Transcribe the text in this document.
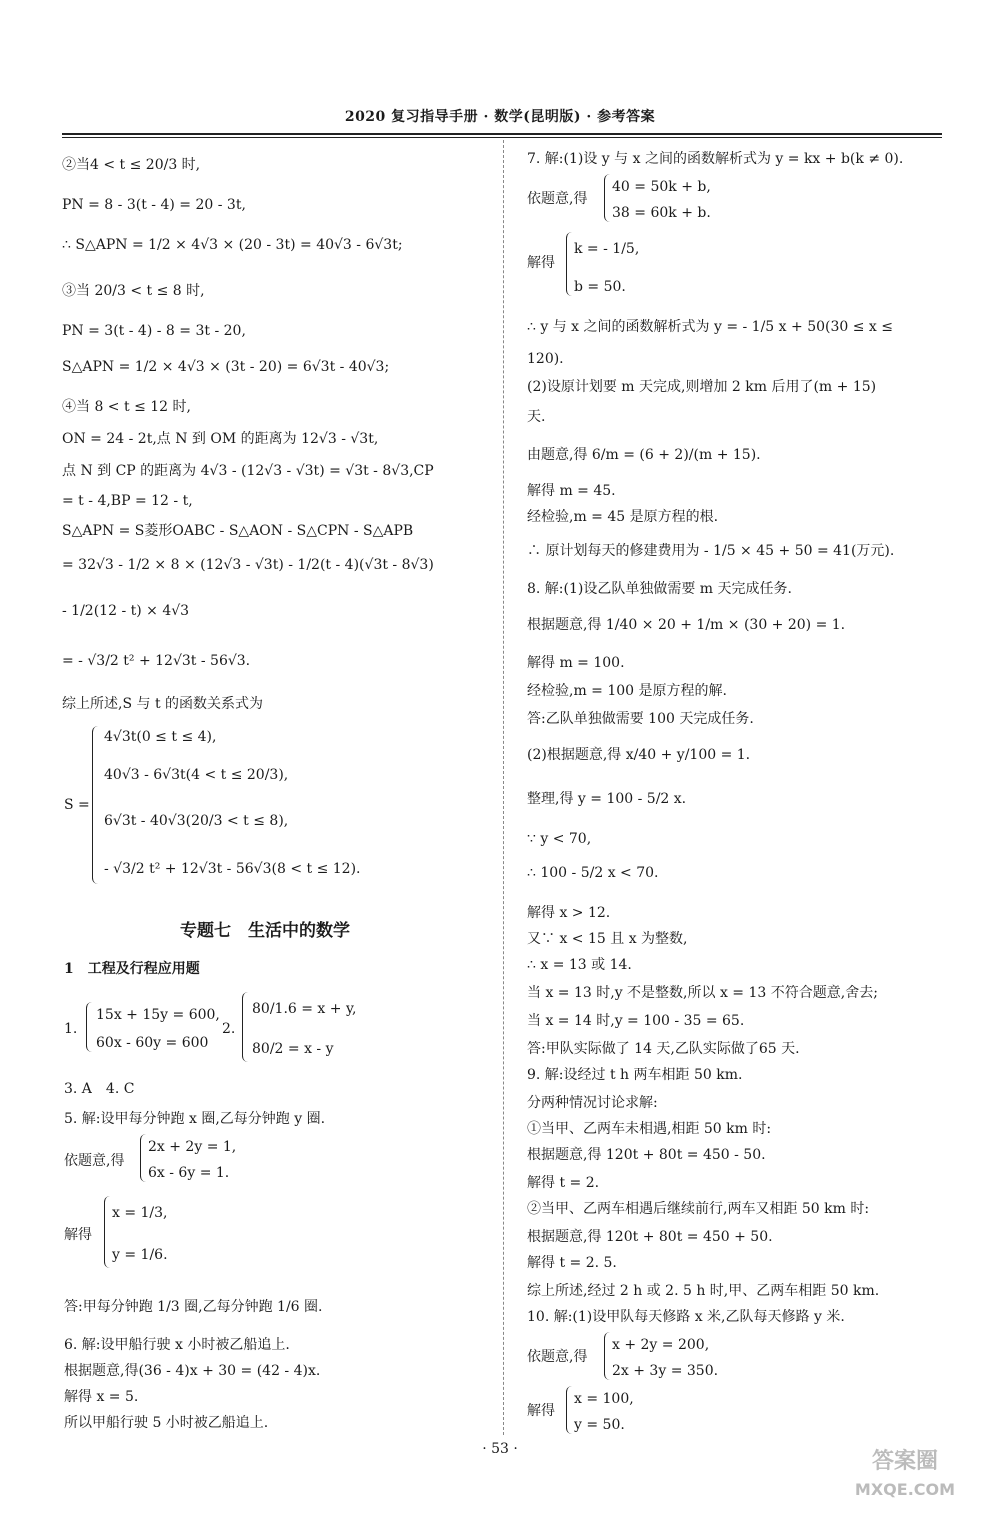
2020 复习指导手册 · 数学(昆明版) · 参考答案
②当4 < t ≤ 20/3 时,
PN = 8 - 3(t - 4) = 20 - 3t,
∴ S△APN = 1/2 × 4√3 × (20 - 3t) = 40√3 - 6√3t;
③当 20/3 < t ≤ 8 时,
PN = 3(t - 4) - 8 = 3t - 20,
S△APN = 1/2 × 4√3 × (3t - 20) = 6√3t - 40√3;
④当 8 < t ≤ 12 时,
ON = 24 - 2t,点 N 到 OM 的距离为 12√3 - √3t,
点 N 到 CP 的距离为 4√3 - (12√3 - √3t) = √3t - 8√3,CP
= t - 4,BP = 12 - t,
S△APN = S菱形OABC - S△AON - S△CPN - S△APB
= 32√3 - 1/2 × 8 × (12√3 - √3t) - 1/2(t - 4)(√3t - 8√3)
- 1/2(12 - t) × 4√3
= - √3/2 t² + 12√3t - 56√3.
综上所述,S 与 t 的函数关系式为
S =
4√3t(0 ≤ t ≤ 4),
40√3 - 6√3t(4 < t ≤ 20/3),
6√3t - 40√3(20/3 < t ≤ 8),
- √3/2 t² + 12√3t - 56√3(8 < t ≤ 12).
专题七　生活中的数学
1　工程及行程应用题
1.
15x + 15y = 600,
60x - 60y = 600
2.
80/1.6 = x + y,
80/2 = x - y
3. A　4. C
5. 解:设甲每分钟跑 x 圈,乙每分钟跑 y 圈.
依题意,得
2x + 2y = 1,
6x - 6y = 1.
解得
x = 1/3,
y = 1/6.
答:甲每分钟跑 1/3 圈,乙每分钟跑 1/6 圈.
6. 解:设甲船行驶 x 小时被乙船追上.
根据题意,得(36 - 4)x + 30 = (42 - 4)x.
解得 x = 5.
所以甲船行驶 5 小时被乙船追上.
7. 解:(1)设 y 与 x 之间的函数解析式为 y = kx + b(k ≠ 0).
依题意,得
40 = 50k + b,
38 = 60k + b.
解得
k = - 1/5,
b = 50.
∴ y 与 x 之间的函数解析式为 y = - 1/5 x + 50(30 ≤ x ≤
120).
(2)设原计划要 m 天完成,则增加 2 km 后用了(m + 15)
天.
由题意,得 6/m = (6 + 2)/(m + 15).
解得 m = 45.
经检验,m = 45 是原方程的根.
∴ 原计划每天的修建费用为 - 1/5 × 45 + 50 = 41(万元).
8. 解:(1)设乙队单独做需要 m 天完成任务.
根据题意,得 1/40 × 20 + 1/m × (30 + 20) = 1.
解得 m = 100.
经检验,m = 100 是原方程的解.
答:乙队单独做需要 100 天完成任务.
(2)根据题意,得 x/40 + y/100 = 1.
整理,得 y = 100 - 5/2 x.
∵ y < 70,
∴ 100 - 5/2 x < 70.
解得 x > 12.
又∵ x < 15 且 x 为整数,
∴ x = 13 或 14.
当 x = 13 时,y 不是整数,所以 x = 13 不符合题意,舍去;
当 x = 14 时,y = 100 - 35 = 65.
答:甲队实际做了 14 天,乙队实际做了65 天.
9. 解:设经过 t h 两车相距 50 km.
分两种情况讨论求解:
①当甲、乙两车未相遇,相距 50 km 时:
根据题意,得 120t + 80t = 450 - 50.
解得 t = 2.
②当甲、乙两车相遇后继续前行,两车又相距 50 km 时:
根据题意,得 120t + 80t = 450 + 50.
解得 t = 2. 5.
综上所述,经过 2 h 或 2. 5 h 时,甲、乙两车相距 50 km.
10. 解:(1)设甲队每天修路 x 米,乙队每天修路 y 米.
依题意,得
x + 2y = 200,
2x + 3y = 350.
解得
x = 100,
y = 50.
· 53 ·	答案圈
MXQE.COM
